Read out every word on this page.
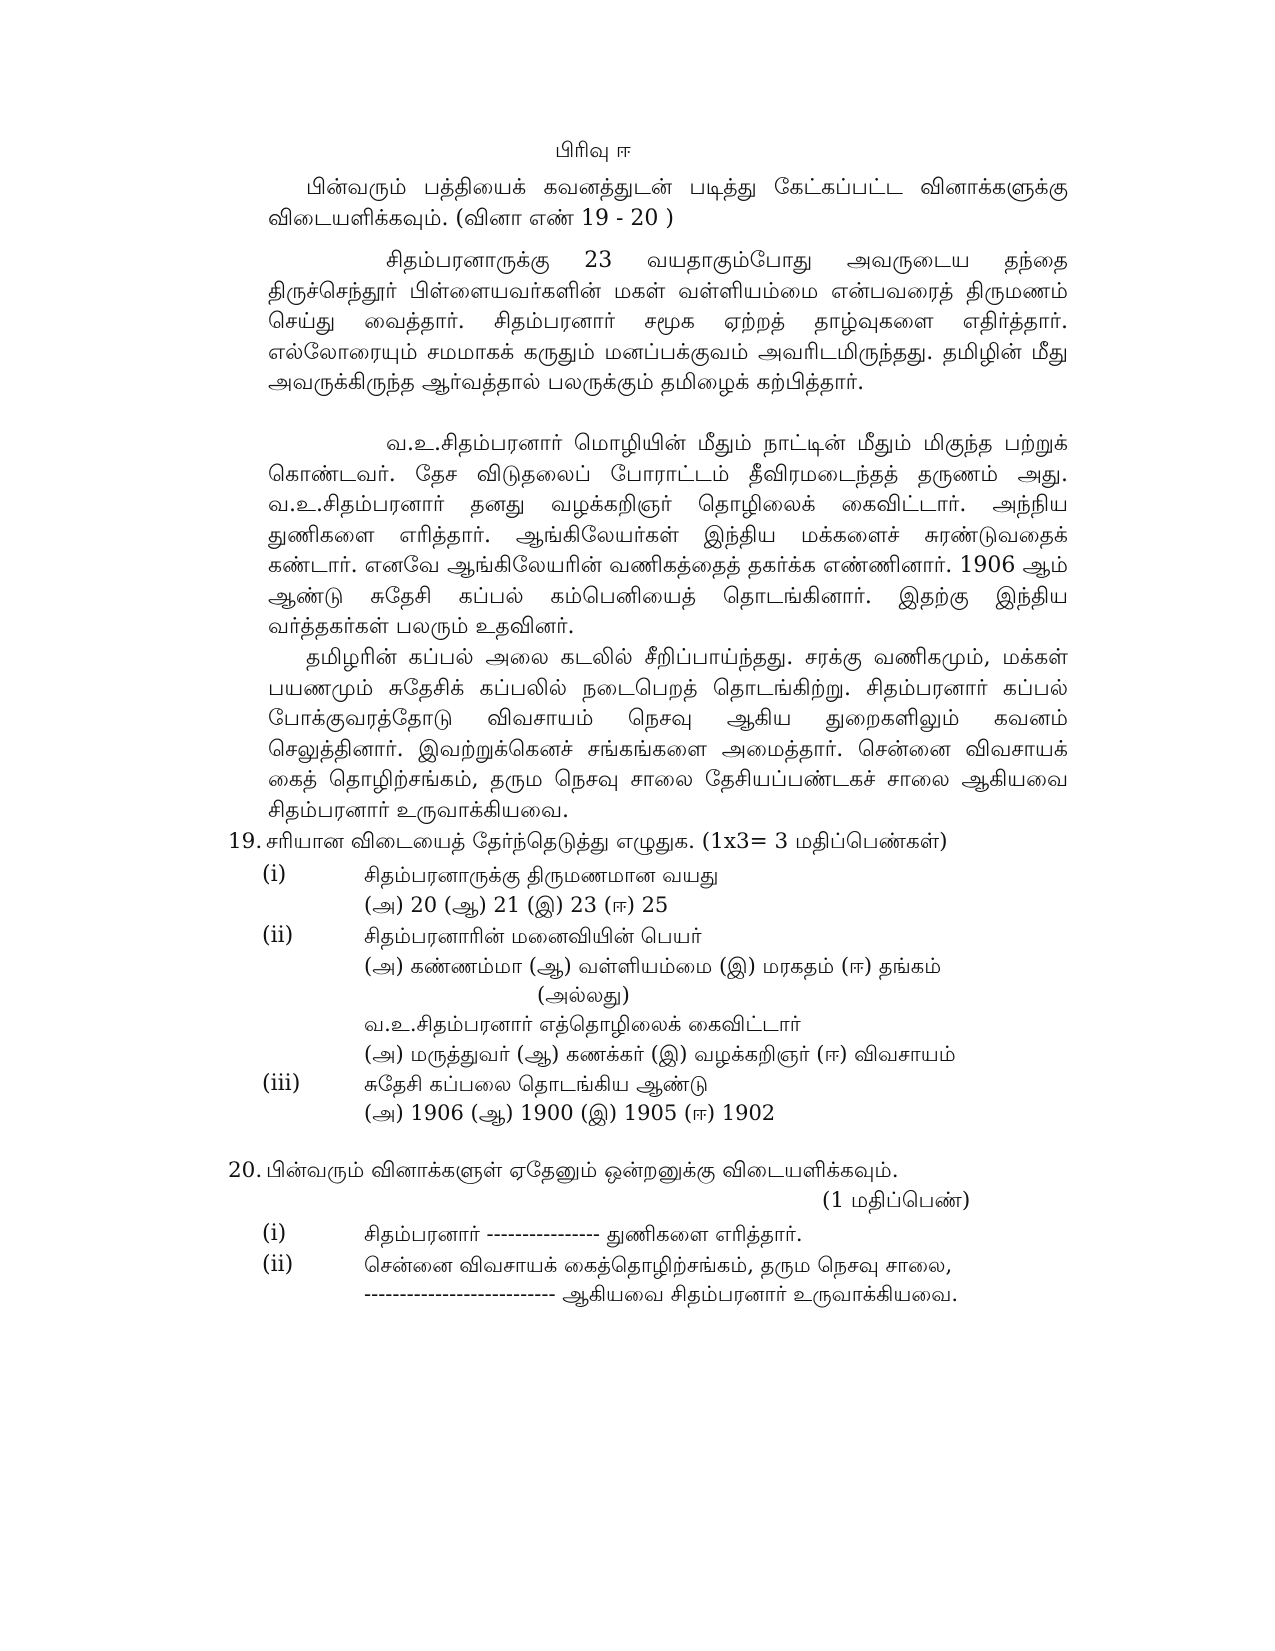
பிரிவு ஈ
பின்வரும் பத்தியைக் கவனத்துடன் படித்து கேட்கப்பட்ட வினாக்களுக்கு விடையளிக்கவும். (வினா எண் 19 - 20 )
சிதம்பரனாருக்கு 23 வயதாகும்போது அவருடைய தந்தை திருச்செந்தூர் பிள்ளையவர்களின் மகள் வள்ளியம்மை என்பவரைத் திருமணம் செய்து வைத்தார். சிதம்பரனார் சமூக ஏற்றத் தாழ்வுகளை எதிர்த்தார். எல்லோரையும் சமமாகக் கருதும் மனப்பக்குவம் அவரிடமிருந்தது. தமிழின் மீது அவருக்கிருந்த ஆர்வத்தால் பலருக்கும் தமிழைக் கற்பித்தார்.
வ.உ.சிதம்பரனார் மொழியின் மீதும் நாட்டின் மீதும் மிகுந்த பற்றுக் கொண்டவர். தேச விடுதலைப் போராட்டம் தீவிரமடைந்தத் தருணம் அது. வ.உ.சிதம்பரனார் தனது வழக்கறிஞர் தொழிலைக் கைவிட்டார். அந்நிய துணிகளை எரித்தார். ஆங்கிலேயர்கள் இந்திய மக்களைச் சுரண்டுவதைக் கண்டார். எனவே ஆங்கிலேயரின் வணிகத்தைத் தகர்க்க எண்ணினார். 1906 ஆம் ஆண்டு சுதேசி கப்பல் கம்பெனியைத் தொடங்கினார். இதற்கு இந்திய வர்த்தகர்கள் பலரும் உதவினர்.
தமிழரின் கப்பல் அலை கடலில் சீறிப்பாய்ந்தது. சரக்கு வணிகமும், மக்கள் பயணமும் சுதேசிக் கப்பலில் நடைபெறத் தொடங்கிற்று. சிதம்பரனார் கப்பல் போக்குவரத்தோடு விவசாயம் நெசவு ஆகிய துறைகளிலும் கவனம் செலுத்தினார். இவற்றுக்கெனச் சங்கங்களை அமைத்தார். சென்னை விவசாயக் கைத் தொழிற்சங்கம், தரும நெசவு சாலை தேசியப்பண்டகச் சாலை ஆகியவை சிதம்பரனார் உருவாக்கியவை.
19. சரியான விடையைத் தேர்ந்தெடுத்து எழுதுக. (1x3= 3 மதிப்பெண்கள்)
(i)	சிதம்பரனாருக்கு திருமணமான வயது
(அ) 20 (ஆ) 21 (இ) 23 (ஈ) 25
(ii)	சிதம்பரனாரின் மனைவியின் பெயர்
(அ) கண்ணம்மா (ஆ) வள்ளியம்மை (இ) மரகதம் (ஈ) தங்கம்
(அல்லது)
வ.உ.சிதம்பரனார் எத்தொழிலைக் கைவிட்டார்
(அ) மருத்துவர் (ஆ) கணக்கர் (இ) வழக்கறிஞர் (ஈ) விவசாயம்
(iii)	சுதேசி கப்பலை தொடங்கிய ஆண்டு
(அ) 1906 (ஆ) 1900 (இ) 1905 (ஈ) 1902
20. பின்வரும் வினாக்களுள் ஏதேனும் ஒன்றனுக்கு விடையளிக்கவும்.
(1 மதிப்பெண்)
(i)	சிதம்பரனார் ---------------- துணிகளை எரித்தார்.
(ii)	சென்னை விவசாயக் கைத்தொழிற்சங்கம், தரும நெசவு சாலை,
--------------------------- ஆகியவை சிதம்பரனார் உருவாக்கியவை.
